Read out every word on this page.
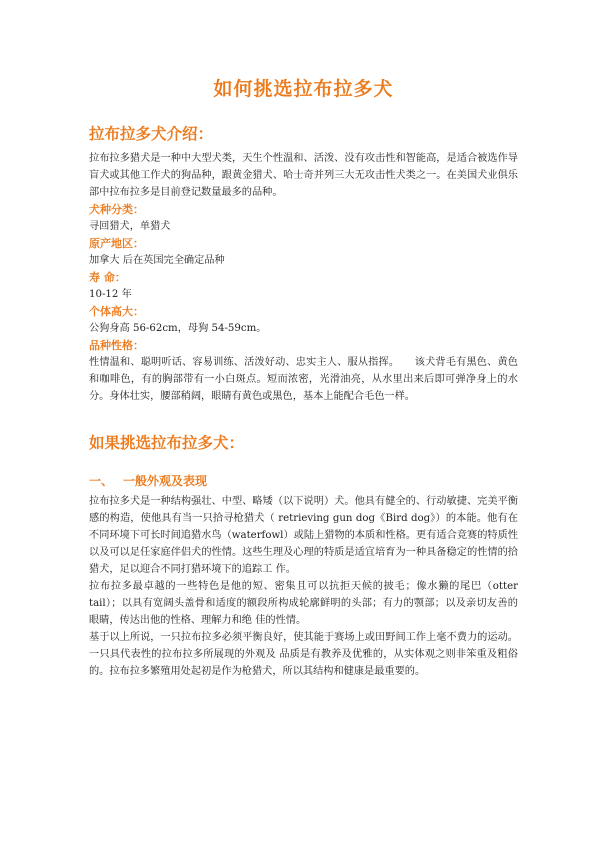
如何挑选拉布拉多犬
拉布拉多犬介绍：

拉布拉多猎犬是一种中大型犬类，天生个性温和、活泼、没有攻击性和智能高，是适合被选作导盲犬或其他工作犬的狗品种，跟黄金猎犬、哈士奇并列三大无攻击性犬类之一。在美国犬业俱乐部中拉布拉多是目前登记数量最多的品种。

犬种分类：

寻回猎犬，单猎犬

原产地区：

加拿大 后在英国完全确定品种

寿 命：

10-12 年

个体高大：

公狗身高 56-62cm，母狗 54-59cm。

品种性格：

性情温和、聪明听话、容易训练、活泼好动、忠实主人、服从指挥。　　该犬背毛有黑色、黄色和咖啡色，有的胸部带有一小白斑点。短而浓密，光滑油亮，从水里出来后即可弹净身上的水分。身体壮实，腰部稍阔，眼睛有黄色或黑色，基本上能配合毛色一样。

如果挑选拉布拉多犬：
一、 一般外观及表现

拉布拉多犬是一种结构强壮、中型、略矮（以下说明）犬。他具有健全的、行动敏捷、完美平衡感的构造，使他具有当一只拾寻枪猎犬（ retrieving gun dog《Bird dog》）的本能。他有在不同环境下可长时间追猎水鸟（waterfowl）或陆上猎物的本质和性格。更有适合竞赛的特质性 以及可以足任家庭伴侣犬的性情。这些生理及心理的特质是适宜培育为一种具备稳定的性情的拾猎犬，足以迎合不同打猎环境下的追踪工 作。

拉布拉多最卓越的一些特色是他的短、密集且可以抗拒天候的披毛；像水獭的尾巴（otter tail）；以具有宽阔头盖骨和适度的额段所构成轮廓鲜明的头部；有力的颚部；以及亲切友善的眼睛，传达出他的性格、理解力和绝 佳的性情。

基于以上所说，一只拉布拉多必须平衡良好，使其能于赛场上或田野间工作上毫不费力的运动。一只具代表性的拉布拉多所展现的外观及 品质是有教养及优雅的，从实体观之则非笨重及粗俗的。拉布拉多繁殖用处起初是作为枪猎犬，所以其结构和健康是最重要的。
